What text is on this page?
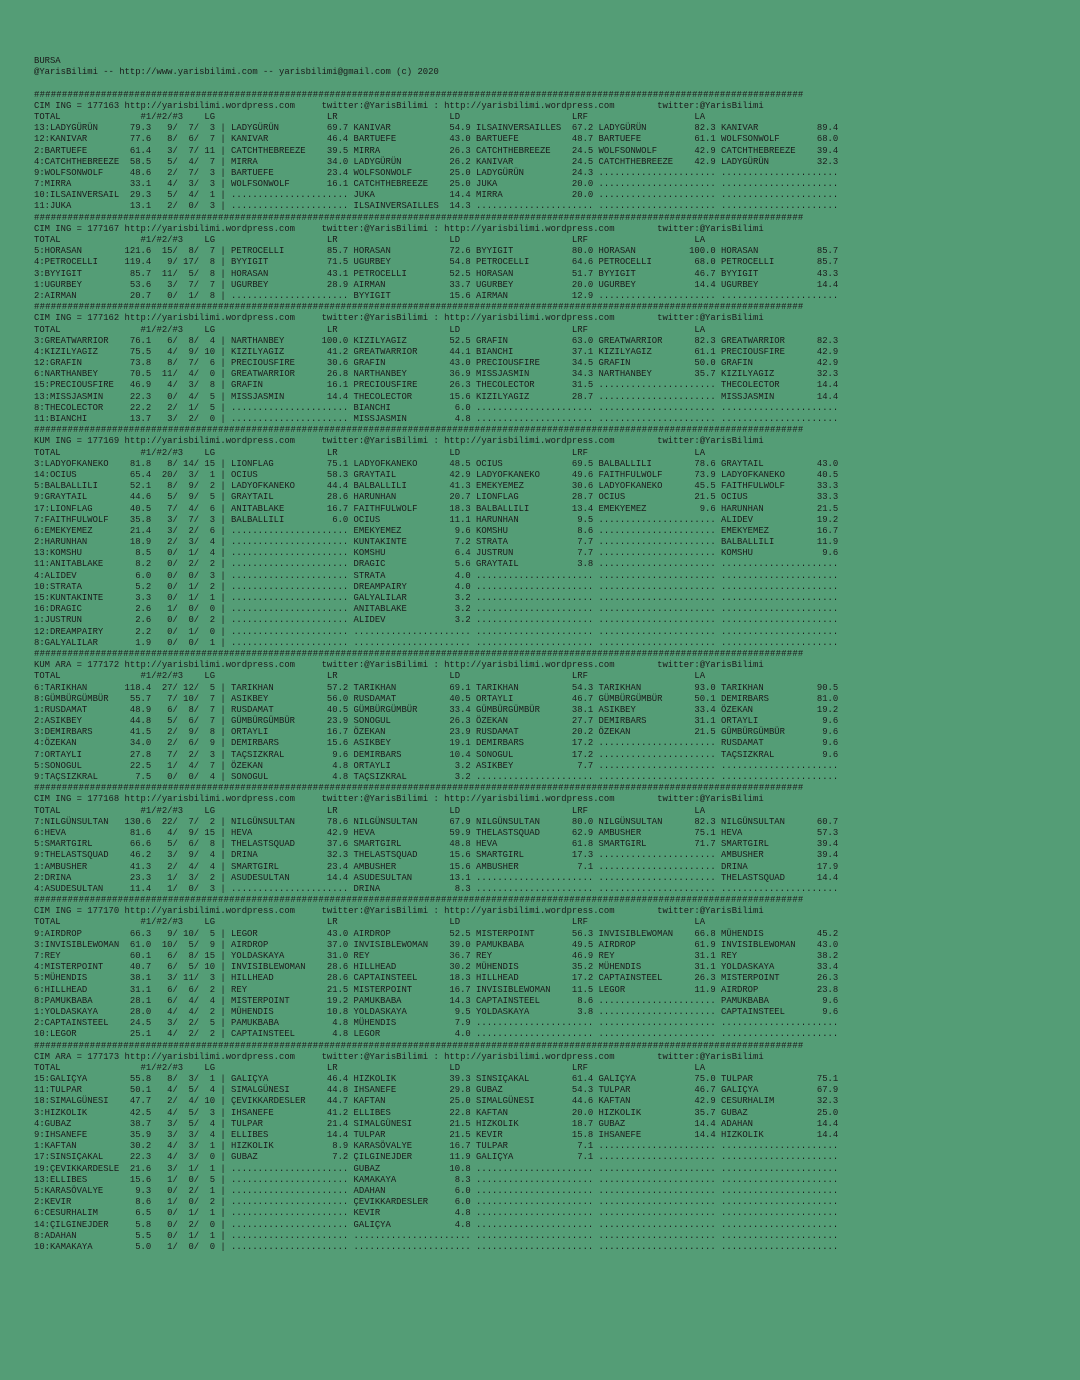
BURSA
@YarisBilimi -- http://www.yarisbilimi.com -- yarisbilimi@gmail.com (c) 2020

##########################################################################################################################################
CIM ING = 177163 http://yarisbilimi.wordpress.com     twitter:@YarisBilimi : http://yarisbilimi.wordpress.com        twitter:@YarisBilimi
TOTAL               #1/#2/#3    LG                     LR                     LD                     LRF                    LA
13:LADYGÜRÜN      79.3   9/  7/  3 | LADYGÜRÜN         69.7 KANIVAR           54.9 ILSAINVERSAILLES  67.2 LADYGÜRÜN         82.3 KANIVAR           89.4
12:KANIVAR        77.6   8/  6/  7 | KANIVAR           46.4 BARTUEFE          43.0 BARTUEFE          48.7 BARTUEFE          61.1 WOLFSONWOLF       68.0
2:BARTUEFE        61.4   3/  7/ 11 | CATCHTHEBREEZE    39.5 MIRRA             26.3 CATCHTHEBREEZE    24.5 WOLFSONWOLF       42.9 CATCHTHEBREEZE    39.4
4:CATCHTHEBREEZE  58.5   5/  4/  7 | MIRRA             34.0 LADYGÜRÜN         26.2 KANIVAR           24.5 CATCHTHEBREEZE    42.9 LADYGÜRÜN         32.3
9:WOLFSONWOLF     48.6   2/  7/  3 | BARTUEFE          23.4 WOLFSONWOLF       25.0 LADYGÜRÜN         24.3 ...................... ......................
7:MIRRA           33.1   4/  3/  3 | WOLFSONWOLF       16.1 CATCHTHEBREEZE    25.0 JUKA              20.0 ...................... ......................
10:ILSAINVERSAIL  29.3   5/  4/  1 | ...................... JUKA              14.4 MIRRA             20.0 ...................... ......................
11:JUKA           13.1   2/  0/  3 | ...................... ILSAINVERSAILLES  14.3 ...................... ...................... ......................
##########################################################################################################################################
CIM ING = 177167 http://yarisbilimi.wordpress.com     twitter:@YarisBilimi : http://yarisbilimi.wordpress.com        twitter:@YarisBilimi
TOTAL               #1/#2/#3    LG                     LR                     LD                     LRF                    LA
5:HORASAN        121.6  15/  8/  7 | PETROCELLI        85.7 HORASAN           72.6 BYYIGIT           80.0 HORASAN          100.0 HORASAN           85.7
4:PETROCELLI     119.4   9/ 17/  8 | BYYIGIT           71.5 UGURBEY           54.8 PETROCELLI        64.6 PETROCELLI        68.0 PETROCELLI        85.7
3:BYYIGIT         85.7  11/  5/  8 | HORASAN           43.1 PETROCELLI        52.5 HORASAN           51.7 BYYIGIT           46.7 BYYIGIT           43.3
1:UGURBEY         53.6   3/  7/  7 | UGURBEY           28.9 AIRMAN            33.7 UGURBEY           20.0 UGURBEY           14.4 UGURBEY           14.4
2:AIRMAN          20.7   0/  1/  8 | ...................... BYYIGIT           15.6 AIRMAN            12.9 ...................... ......................
##########################################################################################################################################
CIM ING = 177162 http://yarisbilimi.wordpress.com     twitter:@YarisBilimi : http://yarisbilimi.wordpress.com        twitter:@YarisBilimi
TOTAL               #1/#2/#3    LG                     LR                     LD                     LRF                    LA
3:GREATWARRIOR    76.1   6/  8/  4 | NARTHANBEY       100.0 KIZILYAGIZ        52.5 GRAFIN            63.0 GREATWARRIOR      82.3 GREATWARRIOR      82.3
4:KIZILYAGIZ      75.5   4/  9/ 10 | KIZILYAGIZ        41.2 GREATWARRIOR      44.1 BIANCHI           37.1 KIZILYAGIZ        61.1 PRECIOUSFIRE      42.9
12:GRAFIN         73.8   8/  7/  6 | PRECIOUSFIRE      30.6 GRAFIN            43.0 PRECIOUSFIRE      34.5 GRAFIN            50.0 GRAFIN            42.9
6:NARTHANBEY      70.5  11/  4/  0 | GREATWARRIOR      26.8 NARTHANBEY        36.9 MISSJASMIN        34.3 NARTHANBEY        35.7 KIZILYAGIZ        32.3
15:PRECIOUSFIRE   46.9   4/  3/  8 | GRAFIN            16.1 PRECIOUSFIRE      26.3 THECOLECTOR       31.5 ...................... THECOLECTOR       14.4
13:MISSJASMIN     22.3   0/  4/  5 | MISSJASMIN        14.4 THECOLECTOR       15.6 KIZILYAGIZ        28.7 ...................... MISSJASMIN        14.4
8:THECOLECTOR     22.2   2/  1/  5 | ...................... BIANCHI            6.0 ...................... ...................... ......................
11:BIANCHI        13.7   3/  2/  0 | ...................... MISSJASMIN         4.8 ...................... ...................... ......................
##########################################################################################################################################
KUM ING = 177169 http://yarisbilimi.wordpress.com     twitter:@YarisBilimi : http://yarisbilimi.wordpress.com        twitter:@YarisBilimi
TOTAL               #1/#2/#3    LG                     LR                     LD                     LRF                    LA
3:LADYOFKANEKO    81.8   8/ 14/ 15 | LIONFLAG          75.1 LADYOFKANEKO      48.5 OCIUS             69.5 BALBALLILI        78.6 GRAYTAIL          43.0
14:OCIUS          65.4  20/  3/  1 | OCIUS             58.3 GRAYTAIL          42.9 LADYOFKANEKO      49.6 FAITHFULWOLF      73.9 LADYOFKANEKO      40.5
5:BALBALLILI      52.1   8/  9/  2 | LADYOFKANEKO      44.4 BALBALLILI        41.3 EMEKYEMEZ         30.6 LADYOFKANEKO      45.5 FAITHFULWOLF      33.3
9:GRAYTAIL        44.6   5/  9/  5 | GRAYTAIL          28.6 HARUNHAN          20.7 LIONFLAG          28.7 OCIUS             21.5 OCIUS             33.3
17:LIONFLAG       40.5   7/  4/  6 | ANITABLAKE        16.7 FAITHFULWOLF      18.3 BALBALLILI        13.4 EMEKYEMEZ          9.6 HARUNHAN          21.5
7:FAITHFULWOLF    35.8   3/  7/  3 | BALBALLILI         6.0 OCIUS             11.1 HARUNHAN           9.5 ...................... ALIDEV            19.2
6:EMEKYEMEZ       21.4   3/  2/  6 | ...................... EMEKYEMEZ          9.6 KOMSHU             8.6 ...................... EMEKYEMEZ         16.7
2:HARUNHAN        18.9   2/  3/  4 | ...................... KUNTAKINTE         7.2 STRATA             7.7 ...................... BALBALLILI        11.9
13:KOMSHU          8.5   0/  1/  4 | ...................... KOMSHU             6.4 JUSTRUN            7.7 ...................... KOMSHU             9.6
11:ANITABLAKE      8.2   0/  2/  2 | ...................... DRAGIC             5.6 GRAYTAIL           3.8 ...................... ......................
4:ALIDEV           6.0   0/  0/  3 | ...................... STRATA             4.0 ...................... ...................... ......................
10:STRATA          5.2   0/  1/  2 | ...................... DREAMPAIRY         4.0 ...................... ...................... ......................
15:KUNTAKINTE      3.3   0/  1/  1 | ...................... GALYALILAR         3.2 ...................... ...................... ......................
16:DRAGIC          2.6   1/  0/  0 | ...................... ANITABLAKE         3.2 ...................... ...................... ......................
1:JUSTRUN          2.6   0/  0/  2 | ...................... ALIDEV             3.2 ...................... ...................... ......................
12:DREAMPAIRY      2.2   0/  1/  0 | ...................... ...................... ...................... ...................... ......................
8:GALYALILAR       1.9   0/  0/  1 | ...................... ...................... ...................... ...................... ......................
##########################################################################################################################################
KUM ARA = 177172 http://yarisbilimi.wordpress.com     twitter:@YarisBilimi : http://yarisbilimi.wordpress.com        twitter:@YarisBilimi
TOTAL               #1/#2/#3    LG                     LR                     LD                     LRF                    LA
6:TARIKHAN       118.4  27/ 12/  5 | TARIKHAN          57.2 TARIKHAN          69.1 TARIKHAN          54.3 TARIKHAN          93.0 TARIKHAN          90.5
8:GÜMBÜRGÜMBÜR    55.7   7/ 10/  7 | ASIKBEY           56.0 RUSDAMAT          40.5 ORTAYLI           46.7 GÜMBÜRGÜMBÜR      50.1 DEMIRBARS         81.0
1:RUSDAMAT        48.9   6/  8/  7 | RUSDAMAT          40.5 GÜMBÜRGÜMBÜR      33.4 GÜMBÜRGÜMBÜR      38.1 ASIKBEY           33.4 ÖZEKAN            19.2
2:ASIKBEY         44.8   5/  6/  7 | GÜMBÜRGÜMBÜR      23.9 SONOGUL           26.3 ÖZEKAN            27.7 DEMIRBARS         31.1 ORTAYLI            9.6
3:DEMIRBARS       41.5   2/  9/  8 | ORTAYLI           16.7 ÖZEKAN            23.9 RUSDAMAT          20.2 ÖZEKAN            21.5 GÜMBÜRGÜMBÜR       9.6
4:ÖZEKAN          34.0   2/  6/  9 | DEMIRBARS         15.6 ASIKBEY           19.1 DEMIRBARS         17.2 ...................... RUSDAMAT           9.6
7:ORTAYLI         27.8   7/  2/  3 | TAÇSIZKRAL         9.6 DEMIRBARS         10.4 SONOGUL           17.2 ...................... TAÇSIZKRAL         9.6
5:SONOGUL         22.5   1/  4/  7 | ÖZEKAN             4.8 ORTAYLI            3.2 ASIKBEY            7.7 ...................... ......................
9:TAÇSIZKRAL       7.5   0/  0/  4 | SONOGUL            4.8 TAÇSIZKRAL         3.2 ...................... ...................... ......................
##########################################################################################################################################
CIM ING = 177168 http://yarisbilimi.wordpress.com     twitter:@YarisBilimi : http://yarisbilimi.wordpress.com        twitter:@YarisBilimi
TOTAL               #1/#2/#3    LG                     LR                     LD                     LRF                    LA
7:NILGÜNSULTAN   130.6  22/  7/  2 | NILGÜNSULTAN      78.6 NILGÜNSULTAN      67.9 NILGÜNSULTAN      80.0 NILGÜNSULTAN      82.3 NILGÜNSULTAN      60.7
6:HEVA            81.6   4/  9/ 15 | HEVA              42.9 HEVA              59.9 THELASTSQUAD      62.9 AMBUSHER          75.1 HEVA              57.3
5:SMARTGIRL       66.6   5/  6/  8 | THELASTSQUAD      37.6 SMARTGIRL         48.8 HEVA              61.8 SMARTGIRL         71.7 SMARTGIRL         39.4
9:THELASTSQUAD    46.2   3/  9/  4 | DRINA             32.3 THELASTSQUAD      15.6 SMARTGIRL         17.3 ...................... AMBUSHER          39.4
1:AMBUSHER        41.3   2/  4/  4 | SMARTGIRL         23.4 AMBUSHER          15.6 AMBUSHER           7.1 ...................... DRINA             17.9
2:DRINA           23.3   1/  3/  2 | ASUDESULTAN       14.4 ASUDESULTAN       13.1 ...................... ...................... THELASTSQUAD      14.4
4:ASUDESULTAN     11.4   1/  0/  3 | ...................... DRINA              8.3 ...................... ...................... ......................
##########################################################################################################################################
CIM ING = 177170 http://yarisbilimi.wordpress.com     twitter:@YarisBilimi : http://yarisbilimi.wordpress.com        twitter:@YarisBilimi
TOTAL               #1/#2/#3    LG                     LR                     LD                     LRF                    LA
9:AIRDROP         66.3   9/ 10/  5 | LEGOR             43.0 AIRDROP           52.5 MISTERPOINT       56.3 INVISIBLEWOMAN    66.8 MÜHENDIS          45.2
3:INVISIBLEWOMAN  61.0  10/  5/  9 | AIRDROP           37.0 INVISIBLEWOMAN    39.0 PAMUKBABA         49.5 AIRDROP           61.9 INVISIBLEWOMAN    43.0
7:REY             60.1   6/  8/ 15 | YOLDASKAYA        31.0 REY               36.7 REY               46.9 REY               31.1 REY               38.2
4:MISTERPOINT     40.7   6/  5/ 10 | INVISIBLEWOMAN    28.6 HILLHEAD          30.2 MÜHENDIS          35.2 MÜHENDIS          31.1 YOLDASKAYA        33.4
5:MÜHENDIS        38.1   3/ 11/  3 | HILLHEAD          28.6 CAPTAINSTEEL      18.3 HILLHEAD          17.2 CAPTAINSTEEL      26.3 MISTERPOINT       26.3
6:HILLHEAD        31.1   6/  6/  2 | REY               21.5 MISTERPOINT       16.7 INVISIBLEWOMAN    11.5 LEGOR             11.9 AIRDROP           23.8
8:PAMUKBABA       28.1   6/  4/  4 | MISTERPOINT       19.2 PAMUKBABA         14.3 CAPTAINSTEEL       8.6 ...................... PAMUKBABA          9.6
1:YOLDASKAYA      28.0   4/  4/  2 | MÜHENDIS          10.8 YOLDASKAYA         9.5 YOLDASKAYA         3.8 ...................... CAPTAINSTEEL       9.6
2:CAPTAINSTEEL    24.5   3/  2/  5 | PAMUKBABA          4.8 MÜHENDIS           7.9 ...................... ...................... ......................
10:LEGOR          25.1   4/  2/  2 | CAPTAINSTEEL       4.8 LEGOR              4.0 ...................... ...................... ......................
##########################################################################################################################################
CIM ARA = 177173 http://yarisbilimi.wordpress.com     twitter:@YarisBilimi : http://yarisbilimi.wordpress.com        twitter:@YarisBilimi
TOTAL               #1/#2/#3    LG                     LR                     LD                     LRF                    LA
15:GALIÇYA        55.8   8/  3/  1 | GALIÇYA           46.4 HIZKOLIK          39.3 SINSIÇAKAL        61.4 GALIÇYA           75.0 TULPAR            75.1
11:TULPAR         50.1   4/  5/  4 | SIMALGÜNESI       44.8 IHSANEFE          29.8 GUBAZ             54.3 TULPAR            46.7 GALIÇYA           67.9
18:SIMALGÜNESI    47.7   2/  4/ 10 | ÇEVIKKARDESLER    44.7 KAFTAN            25.0 SIMALGÜNESI       44.6 KAFTAN            42.9 CESURHALIM        32.3
3:HIZKOLIK        42.5   4/  5/  3 | IHSANEFE          41.2 ELLIBES           22.8 KAFTAN            20.0 HIZKOLIK          35.7 GUBAZ             25.0
4:GUBAZ           38.7   3/  5/  4 | TULPAR            21.4 SIMALGÜNESI       21.5 HIZKOLIK          18.7 GUBAZ             14.4 ADAHAN            14.4
9:IHSANEFE        35.9   3/  3/  4 | ELLIBES           14.4 TULPAR            21.5 KEVIR             15.8 IHSANEFE          14.4 HIZKOLIK          14.4
1:KAFTAN          30.2   4/  3/  1 | HIZKOLIK           8.9 KARASÖVALYE       16.7 TULPAR             7.1 ...................... ......................
17:SINSIÇAKAL     22.3   4/  3/  0 | GUBAZ              7.2 ÇILGINEJDER       11.9 GALIÇYA            7.1 ...................... ......................
19:ÇEVIKKARDESLE  21.6   3/  1/  1 | ...................... GUBAZ             10.8 ...................... ...................... ......................
13:ELLIBES        15.6   1/  0/  5 | ...................... KAMAKAYA           8.3 ...................... ...................... ......................
5:KARASÖVALYE      9.3   0/  2/  1 | ...................... ADAHAN             6.0 ...................... ...................... ......................
2:KEVIR            8.6   1/  0/  2 | ...................... ÇEVIKKARDESLER     6.0 ...................... ...................... ......................
6:CESURHALIM       6.5   0/  1/  1 | ...................... KEVIR              4.8 ...................... ...................... ......................
14:ÇILGINEJDER     5.8   0/  2/  0 | ...................... GALIÇYA            4.8 ...................... ...................... ......................
8:ADAHAN           5.5   0/  1/  1 | ...................... ...................... ...................... ...................... ......................
10:KAMAKAYA        5.0   1/  0/  0 | ...................... ...................... ...................... ...................... ......................
